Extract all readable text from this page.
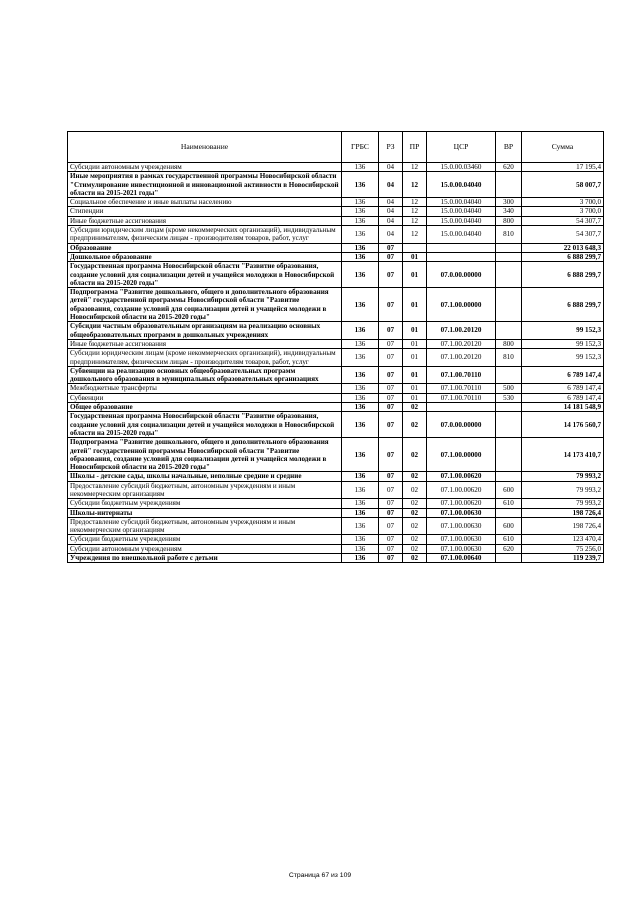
Наименование	ГРБС	РЗ	ПР	ЦСР	ВР	Сумма
Субсидии автономным учреждениям	136	04	12	15.0.00.03460	620	17 195,4
Иные мероприятия в рамках государственной программы Новосибирской области "Стимулирование инвестиционной и инновационной активности в Новосибирской области на 2015-2021 годы"	136	04	12	15.0.00.04040		58 007,7
Социальное обеспечение и иные выплаты населению	136	04	12	15.0.00.04040	300	3 700,0
Стипендии	136	04	12	15.0.00.04040	340	3 700,0
Иные бюджетные ассигнования	136	04	12	15.0.00.04040	800	54 307,7
Субсидии юридическим лицам (кроме некоммерческих организаций), индивидуальным предпринимателям, физическим лицам - производителям товаров, работ, услуг	136	04	12	15.0.00.04040	810	54 307,7
Образование	136	07				22 013 648,3
Дошкольное образование	136	07	01			6 888 299,7
Государственная программа Новосибирской области "Развитие образования, создание условий для социализации детей и учащейся молодежи в Новосибирской области на 2015-2020 годы"	136	07	01	07.0.00.00000		6 888 299,7
Подпрограмма "Развитие дошкольного, общего и дополнительного образования детей" государственной программы Новосибирской области "Развитие образования, создание условий для социализации детей и учащейся молодежи в Новосибирской области на 2015-2020 годы"	136	07	01	07.1.00.00000		6 888 299,7
Субсидии частным образовательным организациям на реализацию основных общеобразовательных программ в дошкольных учреждениях	136	07	01	07.1.00.20120		99 152,3
Иные бюджетные ассигнования	136	07	01	07.1.00.20120	800	99 152,3
Субсидии юридическим лицам (кроме некоммерческих организаций), индивидуальным предпринимателям, физическим лицам - производителям товаров, работ, услуг	136	07	01	07.1.00.20120	810	99 152,3
Субвенции на реализацию основных общеобразовательных программ дошкольного образования в муниципальных образовательных организациях	136	07	01	07.1.00.70110		6 789 147,4
Межбюджетные трансферты	136	07	01	07.1.00.70110	500	6 789 147,4
Субвенции	136	07	01	07.1.00.70110	530	6 789 147,4
Общее образование	136	07	02			14 181 548,9
Государственная программа Новосибирской области "Развитие образования, создание условий для социализации детей и учащейся молодежи в Новосибирской области на 2015-2020 годы"	136	07	02	07.0.00.00000		14 176 560,7
Подпрограмма "Развитие дошкольного, общего и дополнительного образования детей" государственной программы Новосибирской области "Развитие образования, создание условий для социализации детей и учащейся молодежи в Новосибирской области на 2015-2020 годы"	136	07	02	07.1.00.00000		14 173 410,7
Школы - детские сады, школы начальные, неполные средние и средние	136	07	02	07.1.00.00620		79 993,2
Предоставление субсидий бюджетным, автономным учреждениям и иным некоммерческим организациям	136	07	02	07.1.00.00620	600	79 993,2
Субсидии бюджетным учреждениям	136	07	02	07.1.00.00620	610	79 993,2
Школы-интернаты	136	07	02	07.1.00.00630		198 726,4
Предоставление субсидий бюджетным, автономным учреждениям и иным некоммерческим организациям	136	07	02	07.1.00.00630	600	198 726,4
Субсидии бюджетным учреждениям	136	07	02	07.1.00.00630	610	123 470,4
Субсидии автономным учреждениям	136	07	02	07.1.00.00630	620	75 256,0
Учреждения по внешкольной работе с детьми	136	07	02	07.1.00.00640		119 239,7
Страница 67 из 109
